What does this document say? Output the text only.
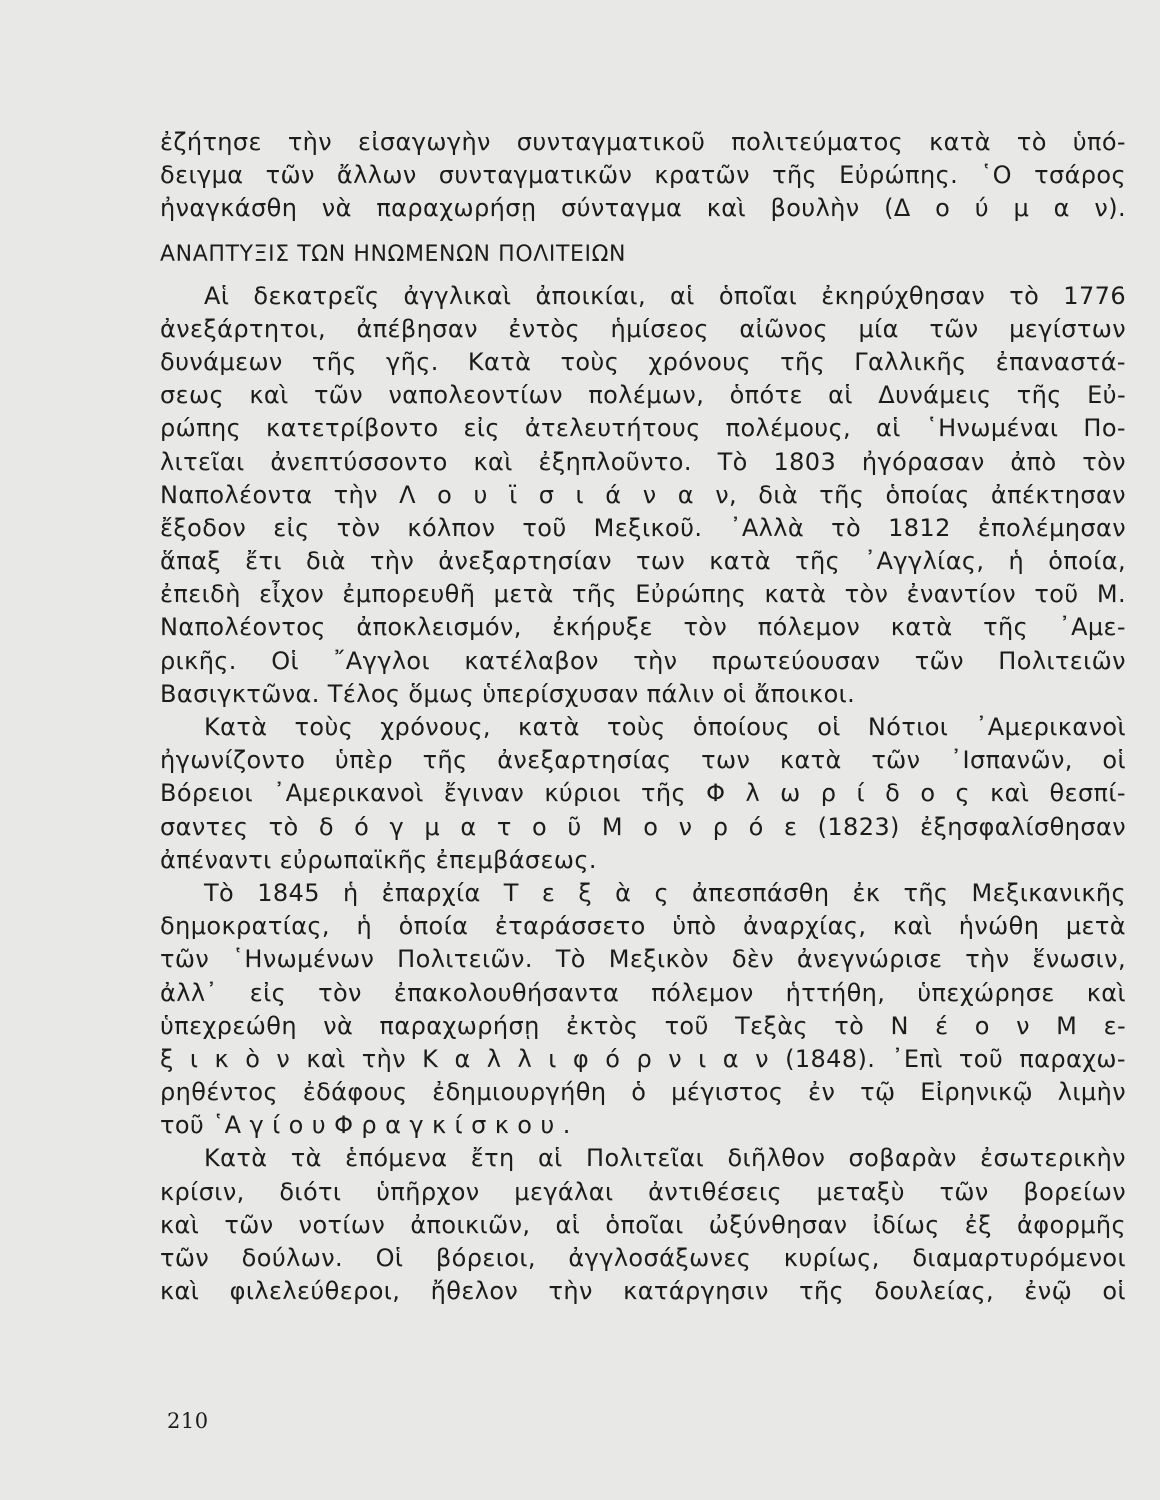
ἐζήτησε τὴν εἰσαγωγὴν συνταγματικοῦ πολιτεύματος κατὰ τὸ ὑπό-
δειγμα τῶν ἄλλων συνταγματικῶν κρατῶν τῆς Εὐρώπης. ῾Ο τσάρος
ἠναγκάσθη νὰ παραχωρήσῃ σύνταγμα καὶ βουλὴν (Δ ο ύ μ α ν).
ΑΝΑΠΤΥΞΙΣ ΤΩΝ ΗΝΩΜΕΝΩΝ ΠΟΛΙΤΕΙΩΝ
Αἱ δεκατρεῖς ἀγγλικαὶ ἀποικίαι, αἱ ὁποῖαι ἐκηρύχθησαν τὸ 1776
ἀνεξάρτητοι, ἀπέβησαν ἐντὸς ἡμίσεος αἰῶνος μία τῶν μεγίστων
δυνάμεων τῆς γῆς. Κατὰ τοὺς χρόνους τῆς Γαλλικῆς ἐπαναστά-
σεως καὶ τῶν ναπολεοντίων πολέμων, ὁπότε αἱ Δυνάμεις τῆς Εὐ-
ρώπης κατετρίβοντο εἰς ἀτελευτήτους πολέμους, αἱ ῾Ηνωμέναι Πο-
λιτεῖαι ἀνεπτύσσοντο καὶ ἐξηπλοῦντο. Τὸ 1803 ἠγόρασαν ἀπὸ τὸν
Ναπολέοντα τὴν Λ ο υ ϊ σ ι ά ν α ν, διὰ τῆς ὁποίας ἀπέκτησαν
ἔξοδον εἰς τὸν κόλπον τοῦ Μεξικοῦ. ᾿Αλλὰ τὸ 1812 ἐπολέμησαν
ἅπαξ ἔτι διὰ τὴν ἀνεξαρτησίαν των κατὰ τῆς ᾿Αγγλίας, ἡ ὁποία,
ἐπειδὴ εἶχον ἐμπορευθῆ μετὰ τῆς Εὐρώπης κατὰ τὸν ἐναντίον τοῦ Μ.
Ναπολέοντος ἀποκλεισμόν, ἐκήρυξε τὸν πόλεμον κατὰ τῆς ᾿Αμε-
ρικῆς. Οἱ ῎Αγγλοι κατέλαβον τὴν πρωτεύουσαν τῶν Πολιτειῶν
Βασιγκτῶνα. Τέλος ὅμως ὑπερίσχυσαν πάλιν οἱ ἄποικοι.
Κατὰ τοὺς χρόνους, κατὰ τοὺς ὁποίους οἱ Νότιοι ᾿Αμερικανοὶ
ἠγωνίζοντο ὑπὲρ τῆς ἀνεξαρτησίας των κατὰ τῶν ᾿Ισπανῶν, οἱ
Βόρειοι ᾿Αμερικανοὶ ἔγιναν κύριοι τῆς Φ λ ω ρ ί δ ο ς καὶ θεσπί-
σαντες τὸ δ ό γ μ α τ ο ῦ Μ ο ν ρ ό ε (1823) ἐξησφαλίσθησαν
ἀπέναντι εὐρωπαϊκῆς ἐπεμβάσεως.
Τὸ 1845 ἡ ἐπαρχία Τ ε ξ ὰ ς ἀπεσπάσθη ἐκ τῆς Μεξικανικῆς
δημοκρατίας, ἡ ὁποία ἐταράσσετο ὑπὸ ἀναρχίας, καὶ ἡνώθη μετὰ
τῶν ῾Ηνωμένων Πολιτειῶν. Τὸ Μεξικὸν δὲν ἀνεγνώρισε τὴν ἕνωσιν,
ἀλλ᾿ εἰς τὸν ἐπακολουθήσαντα πόλεμον ἡττήθη, ὑπεχώρησε καὶ
ὑπεχρεώθη νὰ παραχωρήσῃ ἐκτὸς τοῦ Τεξὰς τὸ Ν έ ο ν Μ ε-
ξ ι κ ὸ ν καὶ τὴν Κ α λ λ ι φ ό ρ ν ι α ν (1848). ᾿Επὶ τοῦ παραχω-
ρηθέντος ἐδάφους ἐδημιουργήθη ὁ μέγιστος ἐν τῷ Εἰρηνικῷ λιμὴν
τοῦ ῾Α γ ί ο υ Φ ρ α γ κ ί σ κ ο υ .
Κατὰ τὰ ἑπόμενα ἔτη αἱ Πολιτεῖαι διῆλθον σοβαρὰν ἐσωτερικὴν
κρίσιν, διότι ὑπῆρχον μεγάλαι ἀντιθέσεις μεταξὺ τῶν βορείων
καὶ τῶν νοτίων ἀποικιῶν, αἱ ὁποῖαι ὠξύνθησαν ἰδίως ἐξ ἀφορμῆς
τῶν δούλων. Οἱ βόρειοι, ἀγγλοσάξωνες κυρίως, διαμαρτυρόμενοι
καὶ φιλελεύθεροι, ἤθελον τὴν κατάργησιν τῆς δουλείας, ἐνῷ οἱ
210
